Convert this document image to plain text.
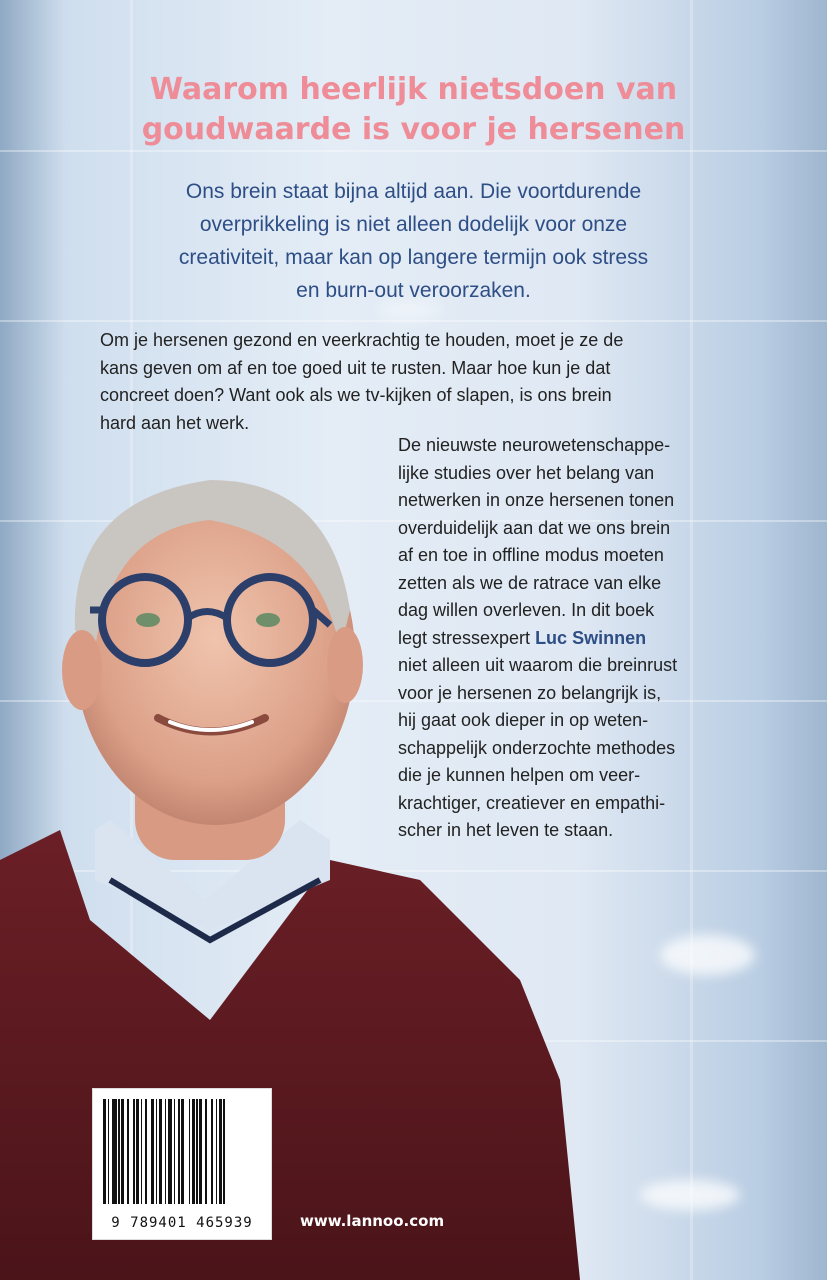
Waarom heerlijk nietsdoen van
goudwaarde is voor je hersenen
Ons brein staat bijna altijd aan. Die voortdurende
overprikkeling is niet alleen dodelijk voor onze
creativiteit, maar kan op langere termijn ook stress
en burn-out veroorzaken.
Om je hersenen gezond en veerkrachtig te houden, moet je ze de
kans geven om af en toe goed uit te rusten. Maar hoe kun je dat
concreet doen? Want ook als we tv-kijken of slapen, is ons brein
hard aan het werk.
De nieuwste neurowetenschappe-
lijke studies over het belang van
netwerken in onze hersenen tonen
overduidelijk aan dat we ons brein
af en toe in offline modus moeten
zetten als we de ratrace van elke
dag willen overleven. In dit boek
legt stressexpert Luc Swinnen
niet alleen uit waarom die breinrust
voor je hersenen zo belangrijk is,
hij gaat ook dieper in op weten-
schappelijk onderzochte methodes
die je kunnen helpen om veer-
krachtiger, creatiever en empathi-
scher in het leven te staan.
9 789401 465939	www.lannoo.com
